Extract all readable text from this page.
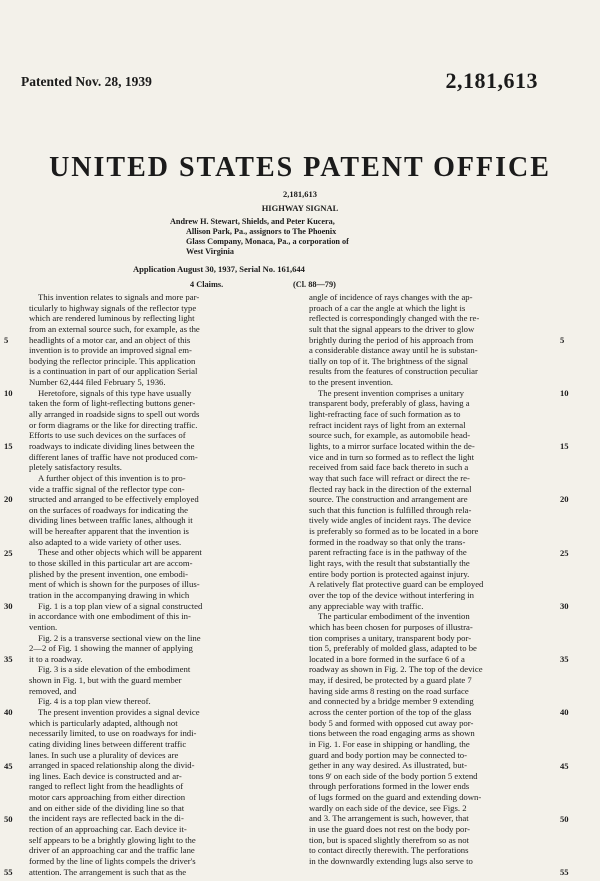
Patented Nov. 28, 1939	2,181,613
UNITED STATES PATENT OFFICE
2,181,613
HIGHWAY SIGNAL
Andrew H. Stewart, Shields, and Peter Kucera,
Allison Park, Pa., assignors to The Phoenix
Glass Company, Monaca, Pa., a corporation of
West Virginia
Application August 30, 1937, Serial No. 161,644
4 Claims.	(Cl. 88—79)
This invention relates to signals and more par-
ticularly to highway signals of the reflector type
which are rendered luminous by reflecting light
from an external source such, for example, as the
headlights of a motor car, and an object of this
invention is to provide an improved signal em-
bodying the reflector principle. This application
is a continuation in part of our application Serial
Number 62,444 filed February 5, 1936.
Heretofore, signals of this type have usually
taken the form of light-reflecting buttons gener-
ally arranged in roadside signs to spell out words
or form diagrams or the like for directing traffic.
Efforts to use such devices on the surfaces of
roadways to indicate dividing lines between the
different lanes of traffic have not produced com-
pletely satisfactory results.
A further object of this invention is to pro-
vide a traffic signal of the reflector type con-
structed and arranged to be effectively employed
on the surfaces of roadways for indicating the
dividing lines between traffic lanes, although it
will be hereafter apparent that the invention is
also adapted to a wide variety of other uses.
These and other objects which will be apparent
to those skilled in this particular art are accom-
plished by the present invention, one embodi-
ment of which is shown for the purposes of illus-
tration in the accompanying drawing in which
Fig. 1 is a top plan view of a signal constructed
in accordance with one embodiment of this in-
vention.
Fig. 2 is a transverse sectional view on the line
2—2 of Fig. 1 showing the manner of applying
it to a roadway.
Fig. 3 is a side elevation of the embodiment
shown in Fig. 1, but with the guard member
removed, and
Fig. 4 is a top plan view thereof.
The present invention provides a signal device
which is particularly adapted, although not
necessarily limited, to use on roadways for indi-
cating dividing lines between different traffic
lanes. In such use a plurality of devices are
arranged in spaced relationship along the divid-
ing lines. Each device is constructed and ar-
ranged to reflect light from the headlights of
motor cars approaching from either direction
and on either side of the dividing line so that
the incident rays are reflected back in the di-
rection of an approaching car. Each device it-
self appears to be a brightly glowing light to the
driver of an approaching car and the traffic lane
formed by the line of lights compels the driver's
attention. The arrangement is such that as the
angle of incidence of rays changes with the ap-
proach of a car the angle at which the light is
reflected is correspondingly changed with the re-
sult that the signal appears to the driver to glow
brightly during the period of his approach from
a considerable distance away until he is substan-
tially on top of it. The brightness of the signal
results from the features of construction peculiar
to the present invention.
The present invention comprises a unitary
transparent body, preferably of glass, having a
light-refracting face of such formation as to
refract incident rays of light from an external
source such, for example, as automobile head-
lights, to a mirror surface located within the de-
vice and in turn so formed as to reflect the light
received from said face back thereto in such a
way that such face will refract or direct the re-
flected ray back in the direction of the external
source. The construction and arrangement are
such that this function is fulfilled through rela-
tively wide angles of incident rays. The device
is preferably so formed as to be located in a bore
formed in the roadway so that only the trans-
parent refracting face is in the pathway of the
light rays, with the result that substantially the
entire body portion is protected against injury.
A relatively flat protective guard can be employed
over the top of the device without interfering in
any appreciable way with traffic.
The particular embodiment of the invention
which has been chosen for purposes of illustra-
tion comprises a unitary, transparent body por-
tion 5, preferably of molded glass, adapted to be
located in a bore formed in the surface 6 of a
roadway as shown in Fig. 2. The top of the device
may, if desired, be protected by a guard plate 7
having side arms 8 resting on the road surface
and connected by a bridge member 9 extending
across the center portion of the top of the glass
body 5 and formed with opposed cut away por-
tions between the road engaging arms as shown
in Fig. 1. For ease in shipping or handling, the
guard and body portion may be connected to-
gether in any way desired. As illustrated, but-
tons 9' on each side of the body portion 5 extend
through perforations formed in the lower ends
of lugs formed on the guard and extending down-
wardly on each side of the device, see Figs. 2
and 3. The arrangement is such, however, that
in use the guard does not rest on the body por-
tion, but is spaced slightly therefrom so as not
to contact directly therewith. The perforations
in the downwardly extending lugs also serve to
5
10
15
20
25
30
35
40
45
50
55
5
10
15
20
25
30
35
40
45
50
55
